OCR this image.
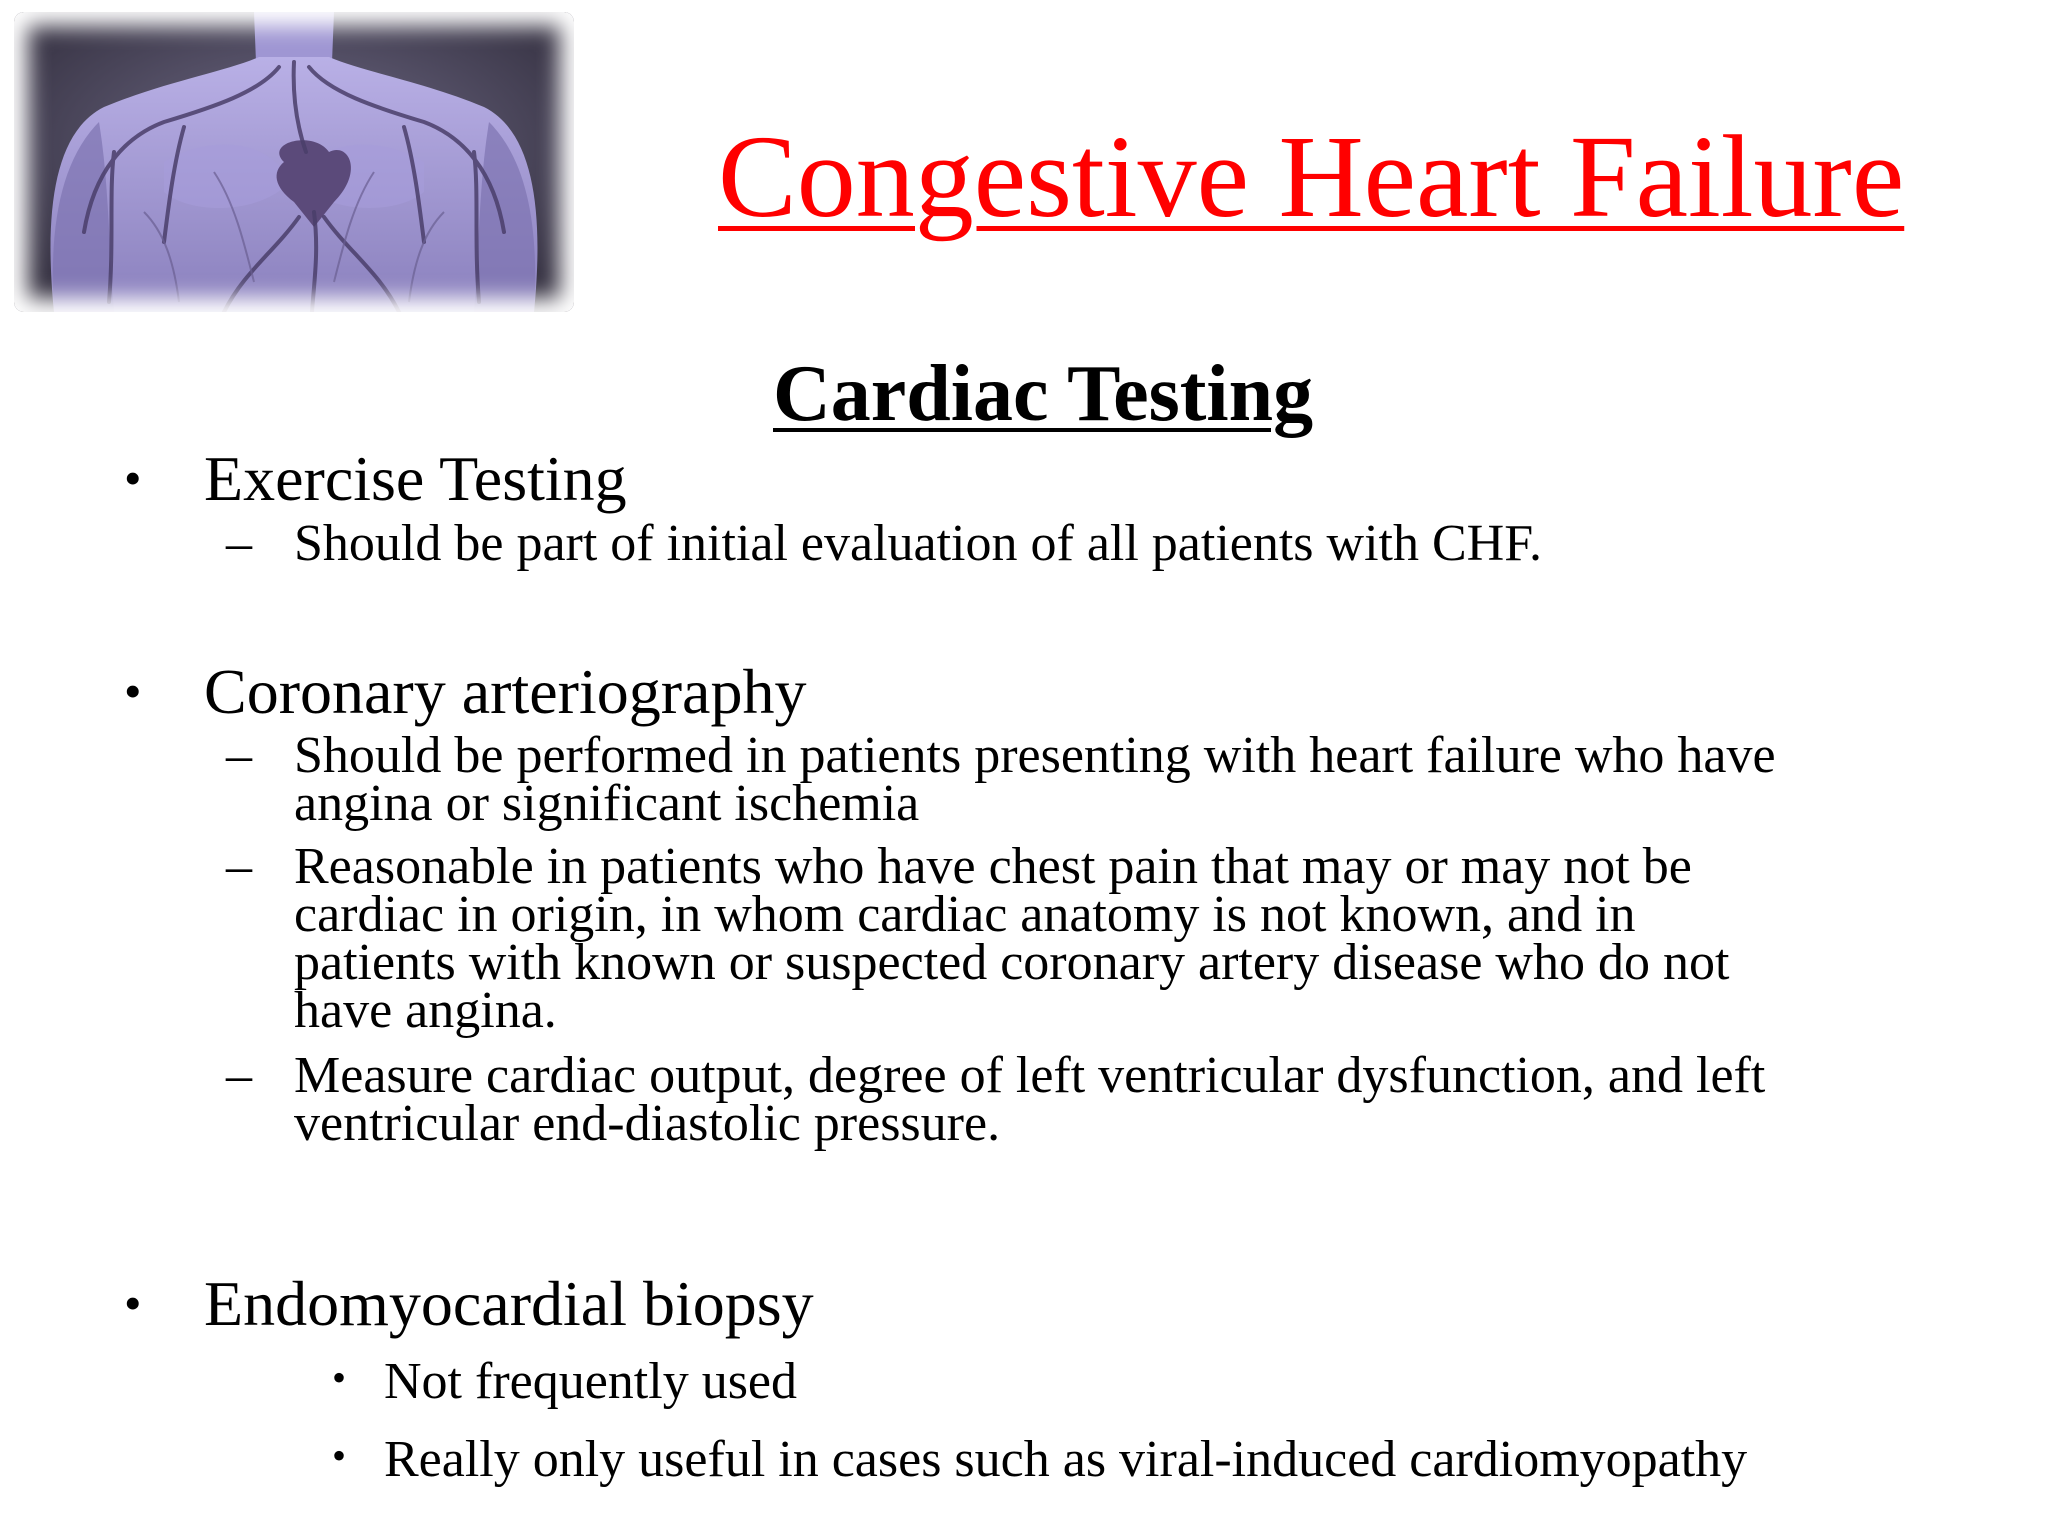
Congestive Heart Failure
Cardiac Testing
• Exercise Testing
– Should be part of initial evaluation of all patients with CHF.
• Coronary arteriography
– Should be performed in patients presenting with heart failure who have
angina or significant ischemia
– Reasonable in patients who have chest pain that may or may not be
cardiac in origin, in whom cardiac anatomy is not known, and in
patients with known or suspected coronary artery disease who do not
have angina.
– Measure cardiac output, degree of left ventricular dysfunction, and left
ventricular end-diastolic pressure.
• Endomyocardial biopsy
• Not frequently used
• Really only useful in cases such as viral-induced cardiomyopathy
